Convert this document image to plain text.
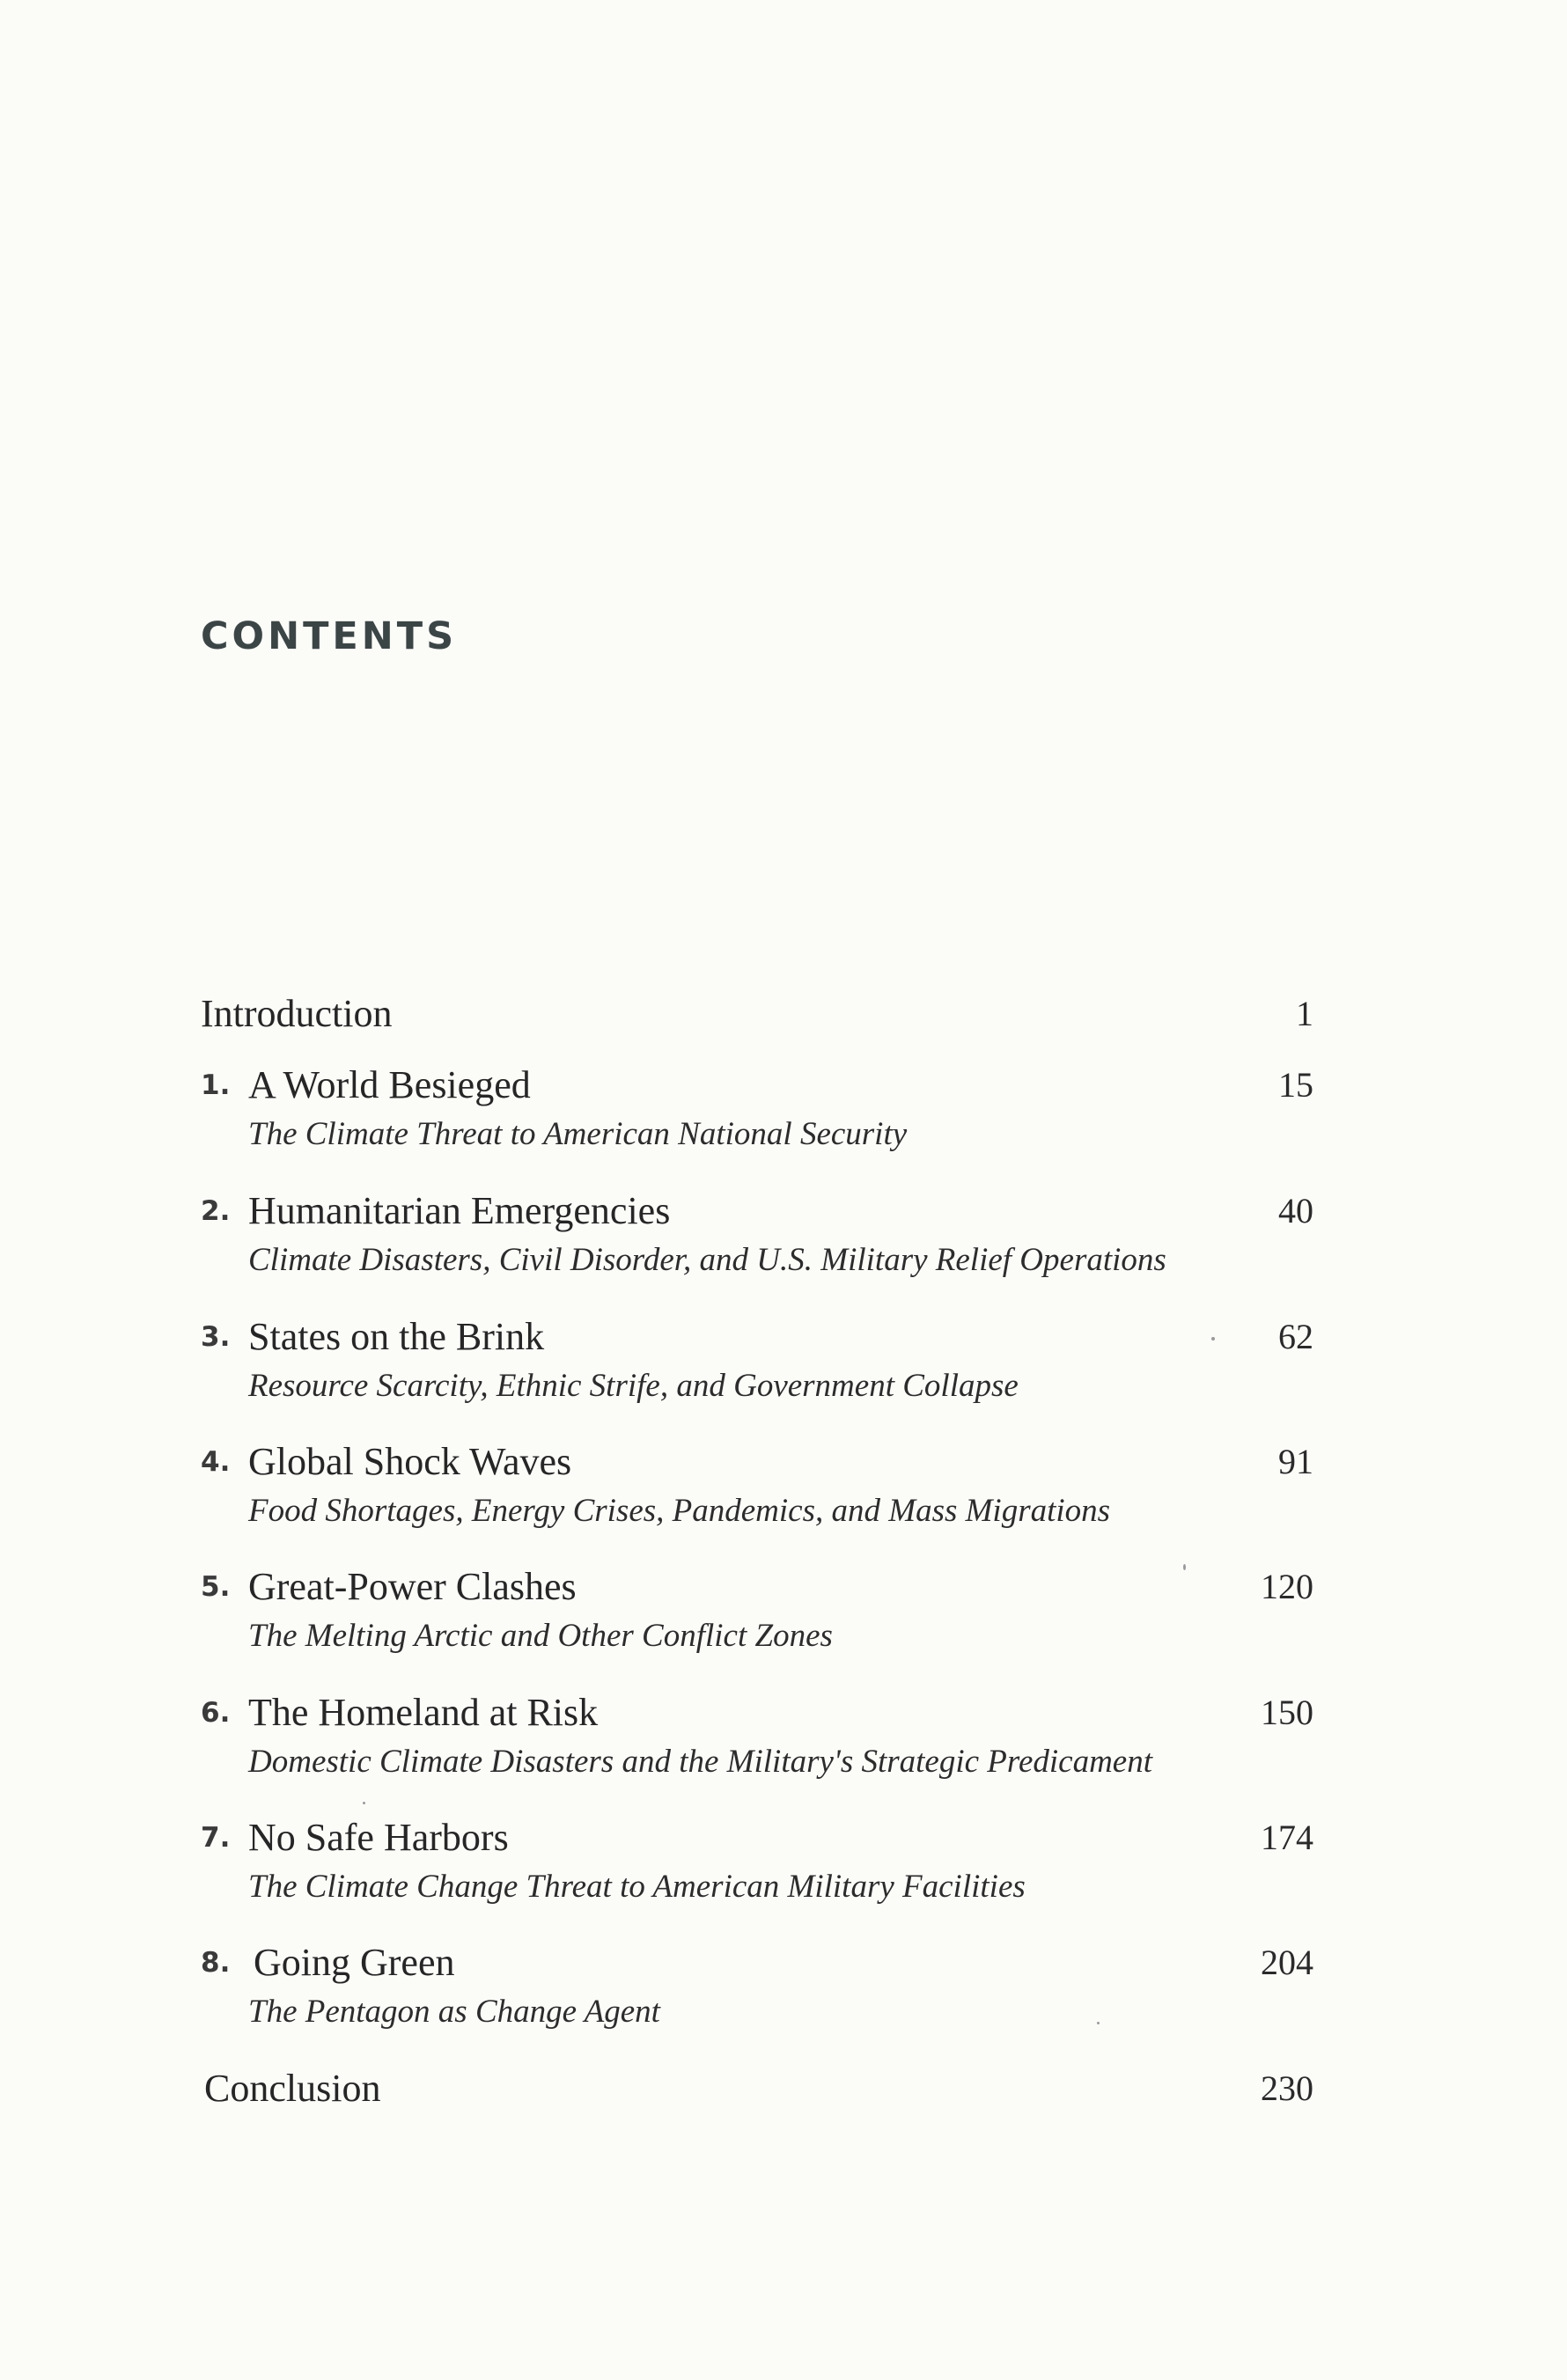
CONTENTS
Introduction	1
1. A World Besieged
The Climate Threat to American National Security
15
2. Humanitarian Emergencies
Climate Disasters, Civil Disorder, and U.S. Military Relief Operations
40
3. States on the Brink
Resource Scarcity, Ethnic Strife, and Government Collapse
62
4. Global Shock Waves
Food Shortages, Energy Crises, Pandemics, and Mass Migrations
91
5. Great-Power Clashes
The Melting Arctic and Other Conflict Zones
120
6. The Homeland at Risk
Domestic Climate Disasters and the Military's Strategic Predicament
150
7. No Safe Harbors
The Climate Change Threat to American Military Facilities
174
8. Going Green
The Pentagon as Change Agent
204
Conclusion	230
